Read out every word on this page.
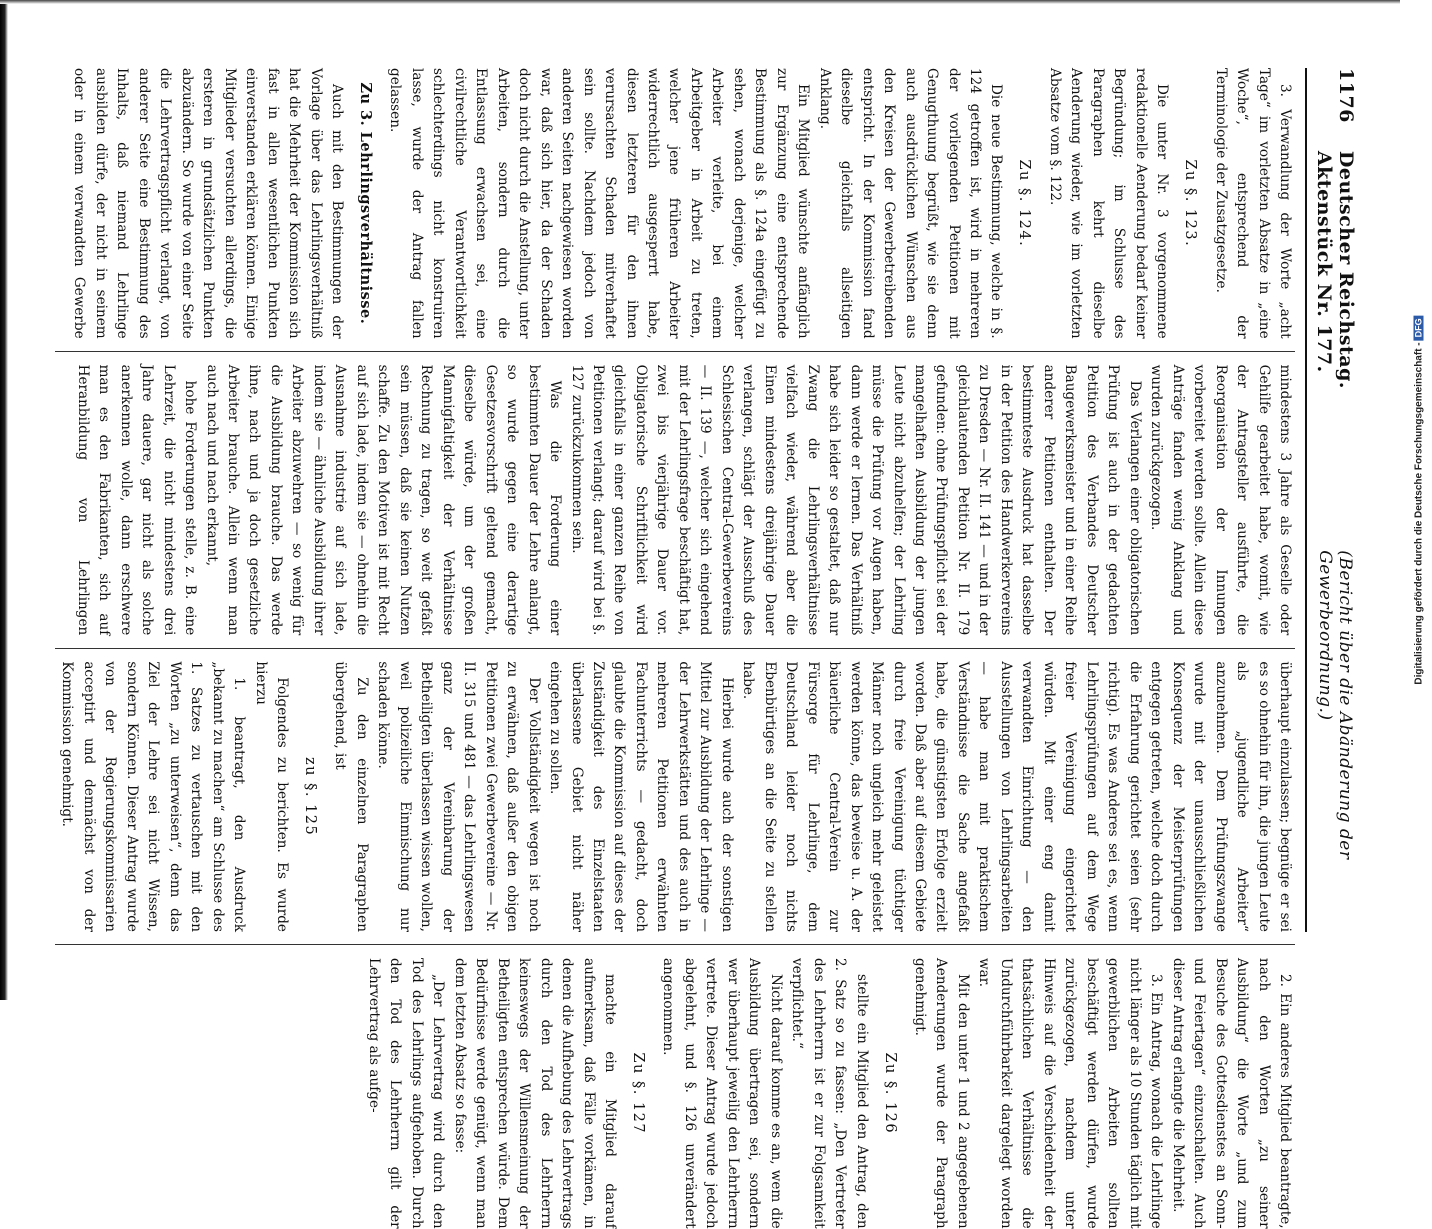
1176
Deutscher Reichstag. Aktenstück Nr. 177.
(Bericht über die Abänderung der Gewerbeordnung.)

3. Verwandlung der Worte „acht Tage“ im vorletzten Absatze in „eine Woche“, entsprechend der Terminologie der Zusatzgesetze.

Zu §. 123.

Die unter Nr. 3 vorgenommene redaktionelle Aenderung bedarf keiner Begründung; im Schlusse des Paragraphen kehrt dieselbe Aenderung wieder, wie im vorletzten Absatze vom §. 122.

Zu §. 124.

Die neue Bestimmung, welche in §. 124 getroffen ist, wird in mehreren der vorliegenden Petitionen mit Genugthuung begrüßt, wie sie denn auch ausdrücklichen Wünschen aus den Kreisen der Gewerbetreibenden entspricht. In der Kommission fand dieselbe gleichfalls allseitigen Anklang.

Ein Mitglied wünschte anfänglich zur Ergänzung eine entsprechende Bestimmung als §. 124a eingefügt zu sehen, wonach derjenige, welcher Arbeiter verleite, bei einem Arbeitgeber in Arbeit zu treten, welcher jene früheren Arbeiter widerrechtlich ausgesperrt habe, diesen letzteren für den ihnen verursachten Schaden mitverhaftet sein sollte. Nachdem jedoch von anderen Seiten nachgewiesen worden war, daß sich hier, da der Schaden doch nicht durch die Anstellung, unter Arbeiten, sondern durch die Entlassung erwachsen sei, eine civilrechtliche Verantwortlichkeit schlechterdings nicht konstruiren lasse, wurde der Antrag fallen gelassen.

Zu 3. Lehrlingsverhältnisse.

Auch mit den Bestimmungen der Vorlage über das Lehrlingsverhältniß hat die Mehrheit der Kommission sich fast in allen wesentlichen Punkten einverstanden erklären können. Einige Mitglieder versuchten allerdings, die ersteren in grundsätzlichen Punkten abzuändern. So wurde von einer Seite die Lehrvertragspflicht verlangt, von anderer Seite eine Bestimmung des Inhalts, daß niemand Lehrlinge ausbilden dürfe, der nicht in seinem oder in einem verwandten Gewerbe mindestens 3 Jahre als Geselle oder Gehilfe gearbeitet habe, womit, wie der Antragsteller ausführte, die Reorganisation der Innungen vorbereitet werden sollte. Allein diese Anträge fanden wenig Anklang und wurden zurückgezogen.

Das Verlangen einer obligatorischen Prüfung ist auch in der gedachten Petition des Verbandes Deutscher Baugewerksmeister und in einer Reihe anderer Petitionen enthalten. Der bestimmteste Ausdruck hat dasselbe in der Petition des Handwerkervereins zu Dresden — Nr. II. 141 — und in der gleichlautenden Petition Nr. II. 179 gefunden: ohne Prüfungspflicht sei der mangelhaften Ausbildung der jungen Leute nicht abzuhelfen; der Lehrling müsse die Prüfung vor Augen haben, dann werde er lernen. Das Verhältniß habe sich leider so gestaltet, daß nur Zwang die Lehrlingsverhältnisse vielfach wieder, während aber die Einen mindestens dreijährige Dauer verlangen, schlägt der Ausschuß des Schlesischen Central-Gewerbevereins — II. 139 —, welcher sich eingehend mit der Lehrlingsfrage beschäftigt hat, zwei bis vierjährige Dauer vor. Obligatorische Schriftlichkeit wird gleichfalls in einer ganzen Reihe von Petitionen verlangt; darauf wird bei §. 127 zurückzukommen sein.

Was die Forderung einer bestimmten Dauer der Lehre anlangt, so wurde gegen eine derartige Gesetzesvorschrift geltend gemacht, dieselbe würde, um der großen Mannigfaltigkeit der Verhältnisse Rechnung zu tragen, so weit gefaßt sein müssen, daß sie keinen Nutzen schaffe. Zu den Motiven ist mit Recht auf sich lade, indem sie — ohnehin die Ausnahme industrie auf sich lade, indem sie — ähnliche Ausbildung ihrer Arbeiter abzuwehren — so wenig für die Ausbildung brauche. Das werde ihne, nach und ja doch gesetzliche Arbeiter brauche. Allein wenn man auch nach und nach erkannt,

hohe Forderungen stelle, z. B. eine Lehrzeit, die nicht mindestens drei Jahre dauere, gar nicht als solche anerkennen wolle, dann erschwere man es den Fabrikanten, sich auf Heranbildung von Lehrlingen überhaupt einzulassen; begnüge er sei es so ohnehin für ihn, die jungen Leute als „jugendliche Arbeiter“ anzunehmen. Dem Prüfungszwange wurde mit der unausschließlichen Konsequenz der Meisterprüfungen entgegen getreten, welche doch durch die Erfahrung gerichtet seien (sehr richtig). Es was Anderes sei es, wenn Lehrlingsprüfungen auf dem Wege freier Vereinigung eingerichtet würden. Mit einer eng damit verwandten Einrichtung — den Ausstellungen von Lehrlingsarbeiten — habe man mit praktischem Verständnisse die Sache angefaßt habe, die günstigsten Erfolge erzielt worden. Daß aber auf diesem Gebiete durch freie Vereinigung tüchtiger Männer noch ungleich mehr geleistet werden könne, das beweise u. A. der bäuerliche Central-Verein zur Fürsorge für Lehrlinge, dem Deutschland leider noch nichts Ebenbürtiges an die Seite zu stellen habe.

Hierbei wurde auch der sonstigen Mittel zur Ausbildung der Lehrlinge — der Lehrwerkstätten und des auch in mehreren Petitionen erwähnten Fachunterrichts — gedacht, doch glaubte die Kommission auf dieses der Zuständigkeit des Einzelstaaten überlassene Gebiet nicht näher eingehen zu sollen.

Der Vollständigkeit wegen ist noch zu erwähnen, daß außer den obigen Petitionen zwei Gewerbevereine — Nr. II. 315 und 481 — das Lehrlingswesen ganz der Vereinbarung der Betheiligten überlassen wissen wollen, weil polizeiliche Einmischung nur schaden könne.

Zu den einzelnen Paragraphen übergehend, ist

zu §. 125

Folgendes zu berichten. Es wurde hierzu

1. beantragt, den Ausdruck „bekannt zu machen“ am Schlusse des 1. Satzes zu vertauschen mit den Worten „zu unterweisen“, denn das Ziel der Lehre sei nicht Wissen, sondern Können. Dieser Antrag wurde von der Regierungskommissarien acceptirt und demnächst von der Kommission genehmigt.

2. Ein anderes Mitglied beantragte, nach den Worten „zu seiner Ausbildung“ die Worte „und zum Besuche des Gottesdienstes an Sonn- und Feiertagen“ einzuschalten. Auch dieser Antrag erlangte die Mehrheit.

3. Ein Antrag, wonach die Lehrlinge nicht länger als 10 Stunden täglich mit gewerblichen Arbeiten sollten beschäftigt werden dürfen, wurde zurückgezogen, nachdem unter Hinweis auf die Verschiedenheit der thatsächlichen Verhältnisse die Undurchführbarkeit dargelegt worden war.

Mit den unter 1 und 2 angegebenen Aenderungen wurde der Paragraph genehmigt.

Zu §. 126

stellte ein Mitglied den Antrag, den 2. Satz so zu fassen: „Den Vertreter des Lehrherrn ist er zur Folgsamkeit verpflichtet.“

Nicht darauf komme es an, wem die Ausbildung übertragen sei, sondern wer überhaupt jeweilig den Lehrherrn vertrete. Dieser Antrag wurde jedoch abgelehnt, und §. 126 unverändert angenommen.

Zu §. 127

machte ein Mitglied darauf aufmerksam, daß Fälle vorkämen, in denen die Aufhebung des Lehrvertrags durch den Tod des Lehrherrn keineswegs der Willensmeinung der Betheiligten entsprechen würde. Dem Bedürfnisse werde genügt, wenn man dem letzten Absatz so fasse:

„Der Lehrvertrag wird durch den Tod des Lehrlings aufgehoben. Durch den Tod des Lehrherrn gilt der Lehrvertrag als aufge-

Digitalisierung gefördert durch die Deutsche Forschungsgemeinschaft -DFG
